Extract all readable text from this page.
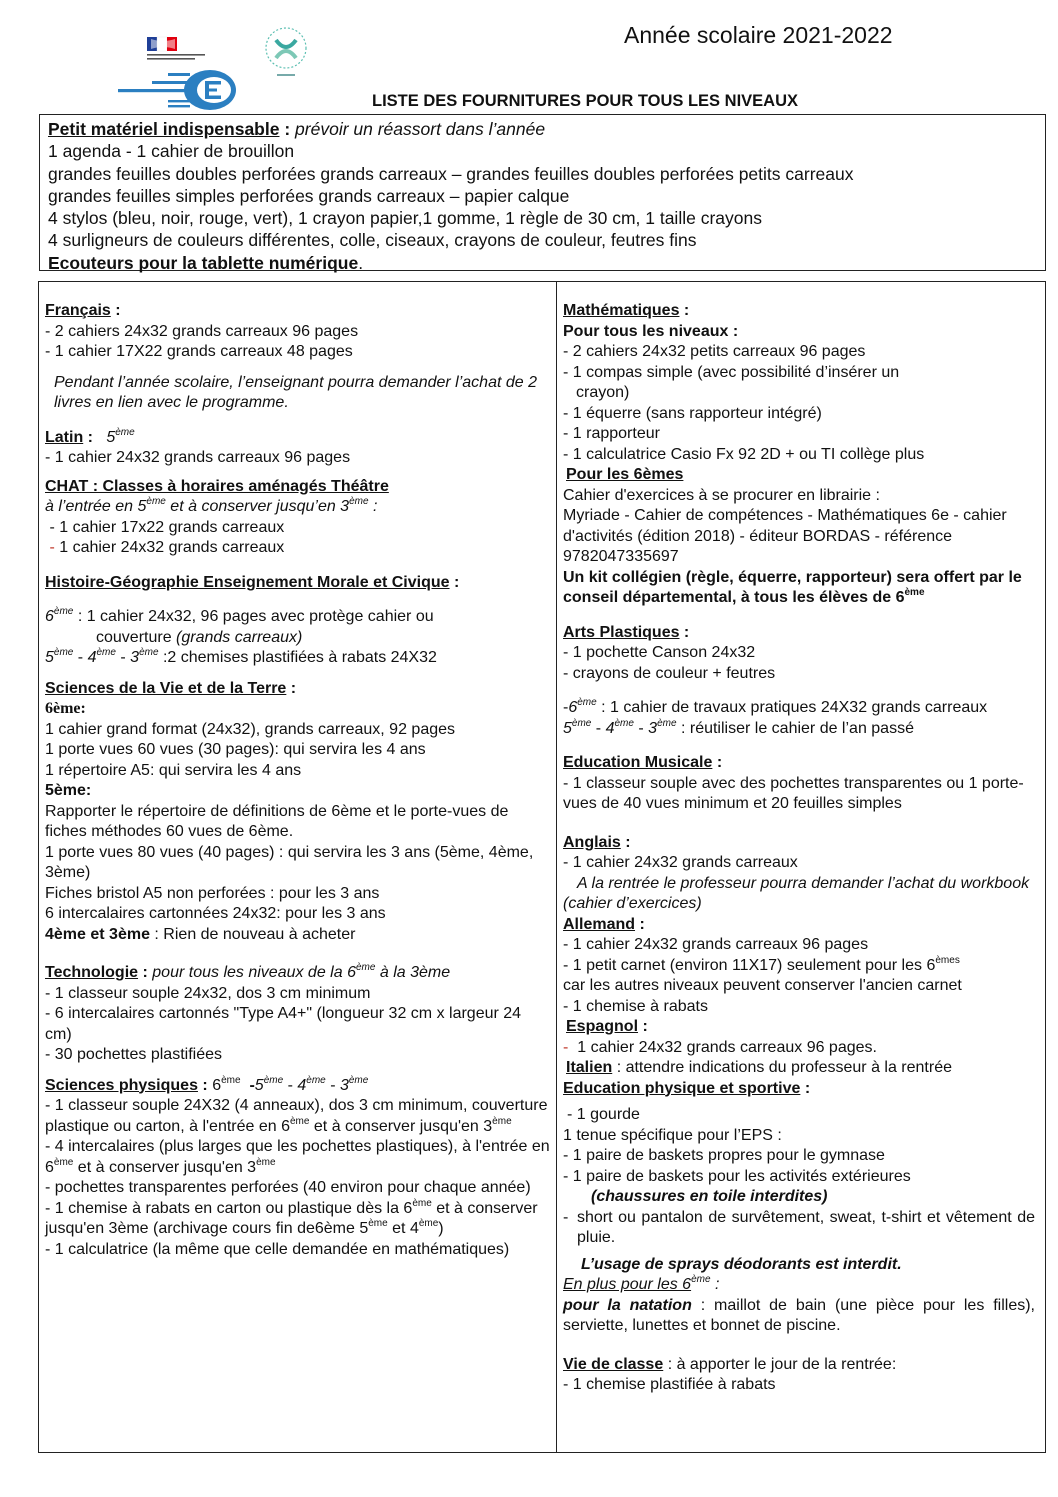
Année scolaire 2021-2022
LISTE DES FOURNITURES POUR TOUS LES NIVEAUX
Petit matériel indispensable : prévoir un réassort dans l’année
1 agenda - 1 cahier de brouillon
grandes feuilles doubles perforées grands carreaux – grandes feuilles doubles perforées petits carreaux
grandes feuilles simples perforées grands carreaux – papier calque
4 stylos (bleu, noir, rouge, vert), 1 crayon papier,1 gomme, 1 règle de 30 cm, 1 taille crayons
4 surligneurs de couleurs différentes, colle, ciseaux, crayons de couleur, feutres fins
Ecouteurs pour la tablette numérique.
Français :
- 2 cahiers 24x32 grands carreaux 96 pages
- 1 cahier 17X22 grands carreaux 48 pages
Pendant l’année scolaire, l’enseignant pourra demander l’achat de 2 livres en lien avec le programme.
Latin :   5ème
- 1 cahier 24x32 grands carreaux 96 pages
CHAT : Classes à horaires aménagés Théâtre
à l’entrée en 5ème et à conserver jusqu’en 3ème :
- 1 cahier 17x22 grands carreaux
- 1 cahier 24x32 grands carreaux
Histoire-Géographie Enseignement Morale et Civique :
6ème : 1 cahier 24x32, 96 pages avec protège cahier ou
couverture (grands carreaux)
5ème - 4ème - 3ème :2 chemises plastifiées à rabats 24X32
Sciences de la Vie et de la Terre :
6ème:
1 cahier grand format (24x32), grands carreaux, 92 pages
1 porte vues 60 vues (30 pages): qui servira les 4 ans
1 répertoire A5: qui servira les 4 ans
5ème:
Rapporter le répertoire de définitions de 6ème et le porte-vues de fiches méthodes 60 vues de 6ème.
1 porte vues 80 vues (40 pages) : qui servira les 3 ans (5ème, 4ème, 3ème)
Fiches bristol A5 non perforées : pour les 3 ans
6 intercalaires cartonnées 24x32: pour les 3 ans
4ème et 3ème : Rien de nouveau à acheter
Technologie : pour tous les niveaux de la 6ème à la 3ème
- 1 classeur souple 24x32, dos 3 cm minimum
- 6 intercalaires cartonnés "Type A4+" (longueur 32 cm x largeur 24 cm)
- 30 pochettes plastifiées
Sciences physiques : 6ème -5ème - 4ème - 3ème
- 1 classeur souple 24X32 (4 anneaux), dos 3 cm minimum, couverture plastique ou carton, à l'entrée en 6ème et à conserver jusqu'en 3ème
- 4 intercalaires (plus larges que les pochettes plastiques), à l'entrée en 6ème et à conserver jusqu'en 3ème
- pochettes transparentes perforées (40 environ pour chaque année)
- 1 chemise à rabats en carton ou plastique dès la 6ème et à conserver jusqu'en 3ème (archivage cours fin de6ème 5ème et 4ème)
- 1 calculatrice (la même que celle demandée en mathématiques)
Mathématiques :
Pour tous les niveaux :
- 2 cahiers 24x32 petits carreaux 96 pages
- 1 compas simple (avec possibilité d’insérer un
crayon)
- 1 équerre (sans rapporteur intégré)
- 1 rapporteur
- 1 calculatrice Casio Fx 92 2D + ou TI collège plus
Pour les 6èmes
Cahier d'exercices à se procurer en librairie :
Myriade - Cahier de compétences - Mathématiques 6e - cahier d'activités (édition 2018) - éditeur BORDAS - référence 9782047335697
Un kit collégien (règle, équerre, rapporteur) sera offert par le conseil départemental, à tous les élèves de 6ème
Arts Plastiques :
- 1 pochette Canson 24x32
- crayons de couleur + feutres
-6ème : 1 cahier de travaux pratiques 24X32 grands carreaux
5ème - 4ème - 3ème : réutiliser le cahier de l’an passé
Education Musicale :
- 1 classeur souple avec des pochettes transparentes ou 1 porte-vues de 40 vues minimum et 20 feuilles simples
Anglais :
- 1 cahier 24x32 grands carreaux
A la rentrée le professeur pourra demander l’achat du workbook (cahier d’exercices)
Allemand :
- 1 cahier 24x32 grands carreaux 96 pages
- 1 petit carnet (environ 11X17) seulement pour les 6èmes
car les autres niveaux peuvent conserver l'ancien carnet
- 1 chemise à rabats
Espagnol :
- 1 cahier 24x32 grands carreaux 96 pages.
Italien : attendre indications du professeur à la rentrée
Education physique et sportive :
- 1 gourde
1 tenue spécifique pour l’EPS :
- 1 paire de baskets propres pour le gymnase
- 1 paire de baskets pour les activités extérieures
(chaussures en toile interdites)
- short ou pantalon de survêtement, sweat, t-shirt et vêtement de pluie.
L’usage de sprays déodorants est interdit.
En plus pour les 6ème :
pour la natation : maillot de bain (une pièce pour les filles), serviette, lunettes et bonnet de piscine.
Vie de classe : à apporter le jour de la rentrée:
- 1 chemise plastifiée à rabats
